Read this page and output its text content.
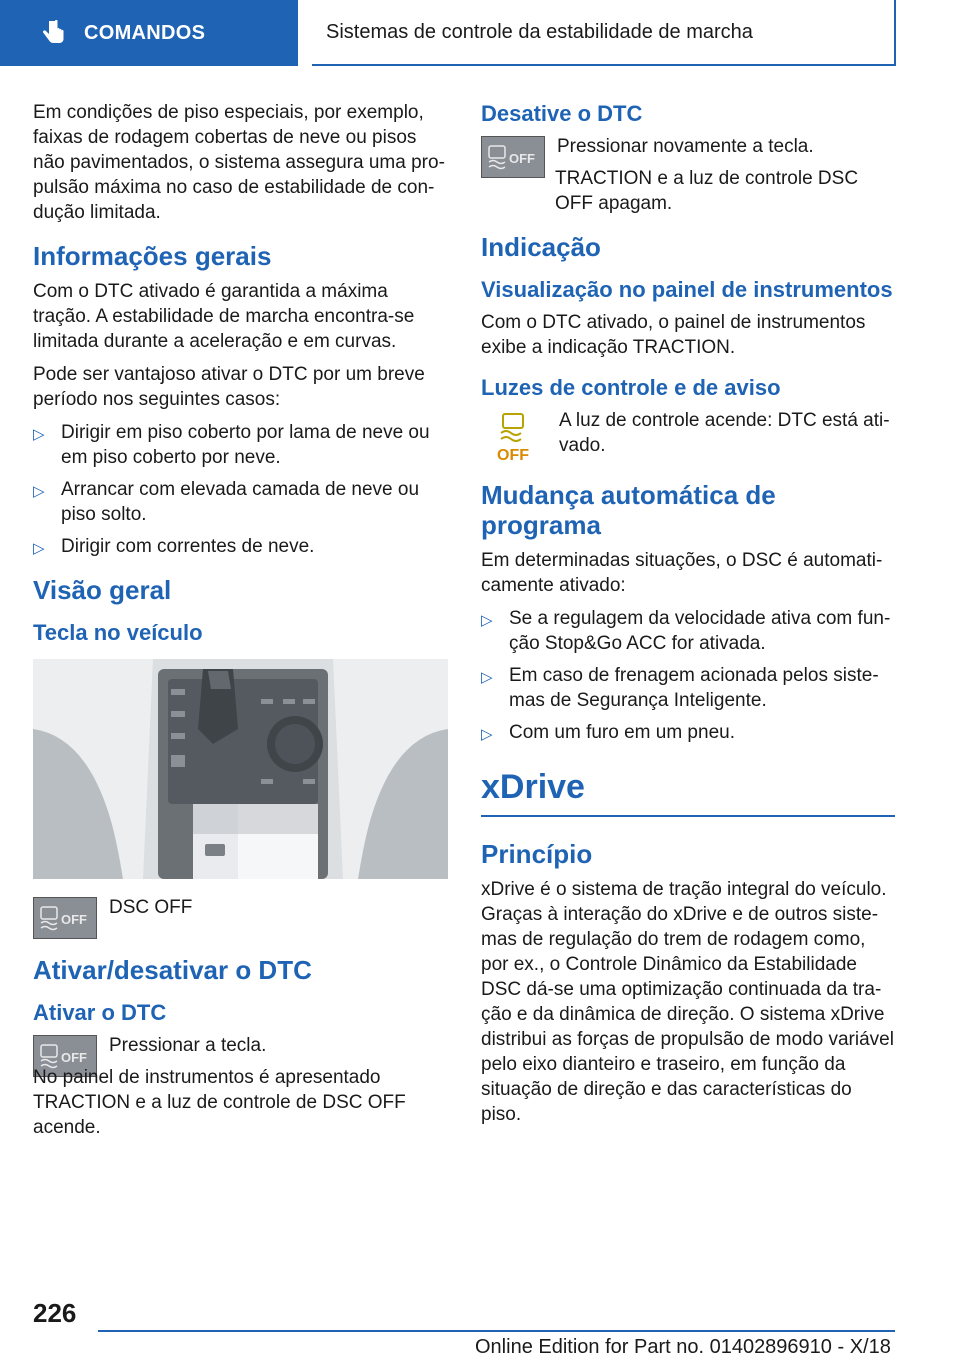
COMANDOS	Sistemas de controle da estabilidade de marcha

Em condições de piso especiais, por exemplo, faixas de rodagem cobertas de neve ou pisos não pavimentados, o sistema assegura uma propulsão máxima no caso de estabilidade de condução limitada.

Informações gerais

Com o DTC ativado é garantida a máxima tração. A estabilidade de marcha encontra-se limitada durante a aceleração e em curvas.

Pode ser vantajoso ativar o DTC por um breve período nos seguintes casos:

▷ Dirigir em piso coberto por lama de neve ou em piso coberto por neve.
▷ Arrancar com elevada camada de neve ou piso solto.
▷ Dirigir com correntes de neve.
Visão geral
Tecla no veículo
OFF
DSC OFF
Ativar/desativar o DTC
Ativar o DTC
OFF

Pressionar a tecla.

No painel de instrumentos é apresentado TRACTION e a luz de controle de DSC OFF acende.

Desative o DTC
OFF

Pressionar novamente a tecla.

TRACTION e a luz de controle DSC OFF apagam.

Indicação
Visualização no painel de instrumentos

Com o DTC ativado, o painel de instrumentos exibe a indicação TRACTION.

Luzes de controle e de aviso
OFF
A luz de controle acende: DTC está ativado.
Mudança automática de programa

Em determinadas situações, o DSC é automaticamente ativado:

▷ Se a regulagem da velocidade ativa com função Stop&Go ACC for ativada.
▷ Em caso de frenagem acionada pelos sistemas de Segurança Inteligente.
▷ Com um furo em um pneu.
xDrive
Princípio

xDrive é o sistema de tração integral do veículo. Graças à interação do xDrive e de outros sistemas de regulação do trem de rodagem como, por ex., o Controle Dinâmico da Estabilidade DSC dá-se uma optimização continuada da tração e da dinâmica de direção. O sistema xDrive distribui as forças de propulsão de modo variável pelo eixo dianteiro e traseiro, em função da situação de direção e das características do piso.

226
Online Edition for Part no. 01402896910 - X/18
